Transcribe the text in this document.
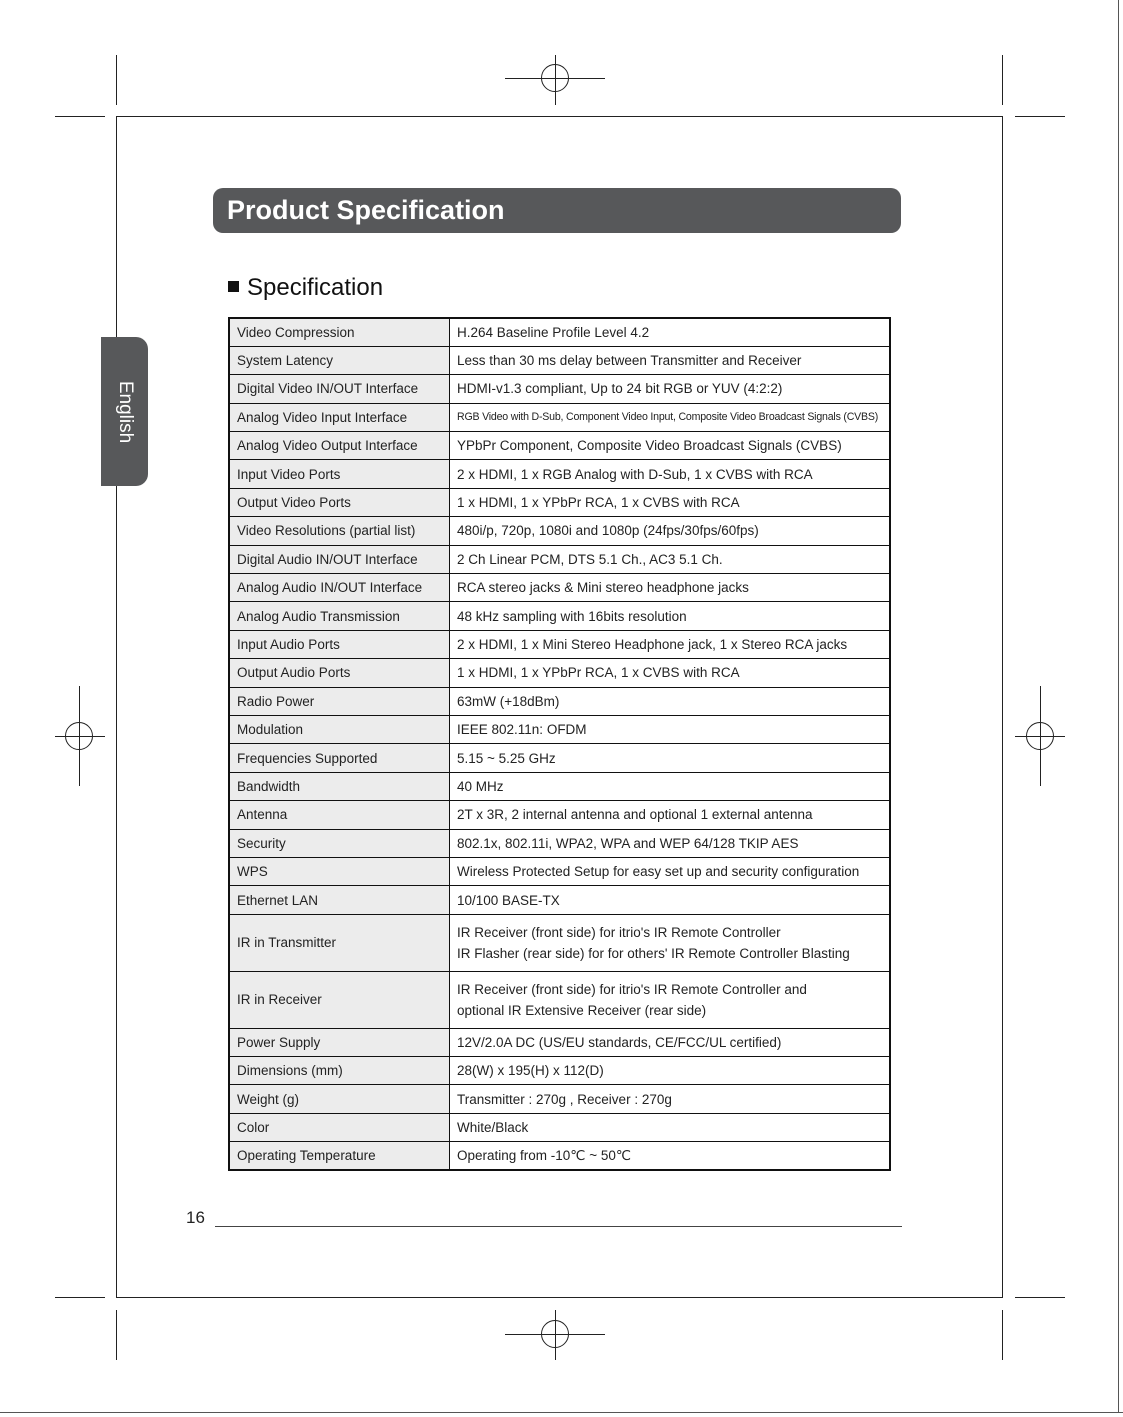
English
Product Specification
Specification
Video Compression	H.264 Baseline Profile Level 4.2
System Latency	Less than 30 ms delay between Transmitter and Receiver
Digital Video IN/OUT Interface	HDMI-v1.3 compliant, Up to 24 bit RGB or YUV (4:2:2)
Analog Video Input Interface	RGB Video with D-Sub, Component Video Input, Composite Video Broadcast Signals (CVBS)
Analog Video Output Interface	YPbPr Component, Composite Video Broadcast Signals (CVBS)
Input Video Ports	2 x HDMI, 1 x RGB Analog with D-Sub, 1 x CVBS with RCA
Output Video Ports	1 x HDMI, 1 x YPbPr RCA, 1 x CVBS with RCA
Video Resolutions (partial list)	480i/p, 720p, 1080i and 1080p (24fps/30fps/60fps)
Digital Audio IN/OUT Interface	2 Ch Linear PCM, DTS 5.1 Ch., AC3 5.1 Ch.
Analog Audio IN/OUT Interface	RCA stereo jacks & Mini stereo headphone jacks
Analog Audio Transmission	48 kHz sampling with 16bits resolution
Input Audio Ports	2 x HDMI, 1 x Mini Stereo Headphone jack, 1 x Stereo RCA jacks
Output Audio Ports	1 x HDMI, 1 x YPbPr RCA, 1 x CVBS with RCA
Radio Power	63mW (+18dBm)
Modulation	IEEE 802.11n: OFDM
Frequencies Supported	5.15 ~ 5.25 GHz
Bandwidth	40 MHz
Antenna	2T x 3R, 2 internal antenna and optional 1 external antenna
Security	802.1x, 802.11i, WPA2, WPA and WEP 64/128 TKIP AES
WPS	Wireless Protected Setup for easy set up and security configuration
Ethernet LAN	10/100 BASE-TX
IR in Transmitter	IR Receiver (front side) for itrio's IR Remote Controller
IR Flasher (rear side) for for others' IR Remote Controller Blasting

IR in Receiver	IR Receiver (front side) for itrio's IR Remote Controller and
optional IR Extensive Receiver (rear side)

Power Supply	12V/2.0A DC (US/EU standards, CE/FCC/UL certified)
Dimensions (mm)	28(W) x 195(H) x 112(D)
Weight (g)	Transmitter : 270g , Receiver : 270g
Color	White/Black
Operating Temperature	Operating from -10℃ ~ 50℃
16
